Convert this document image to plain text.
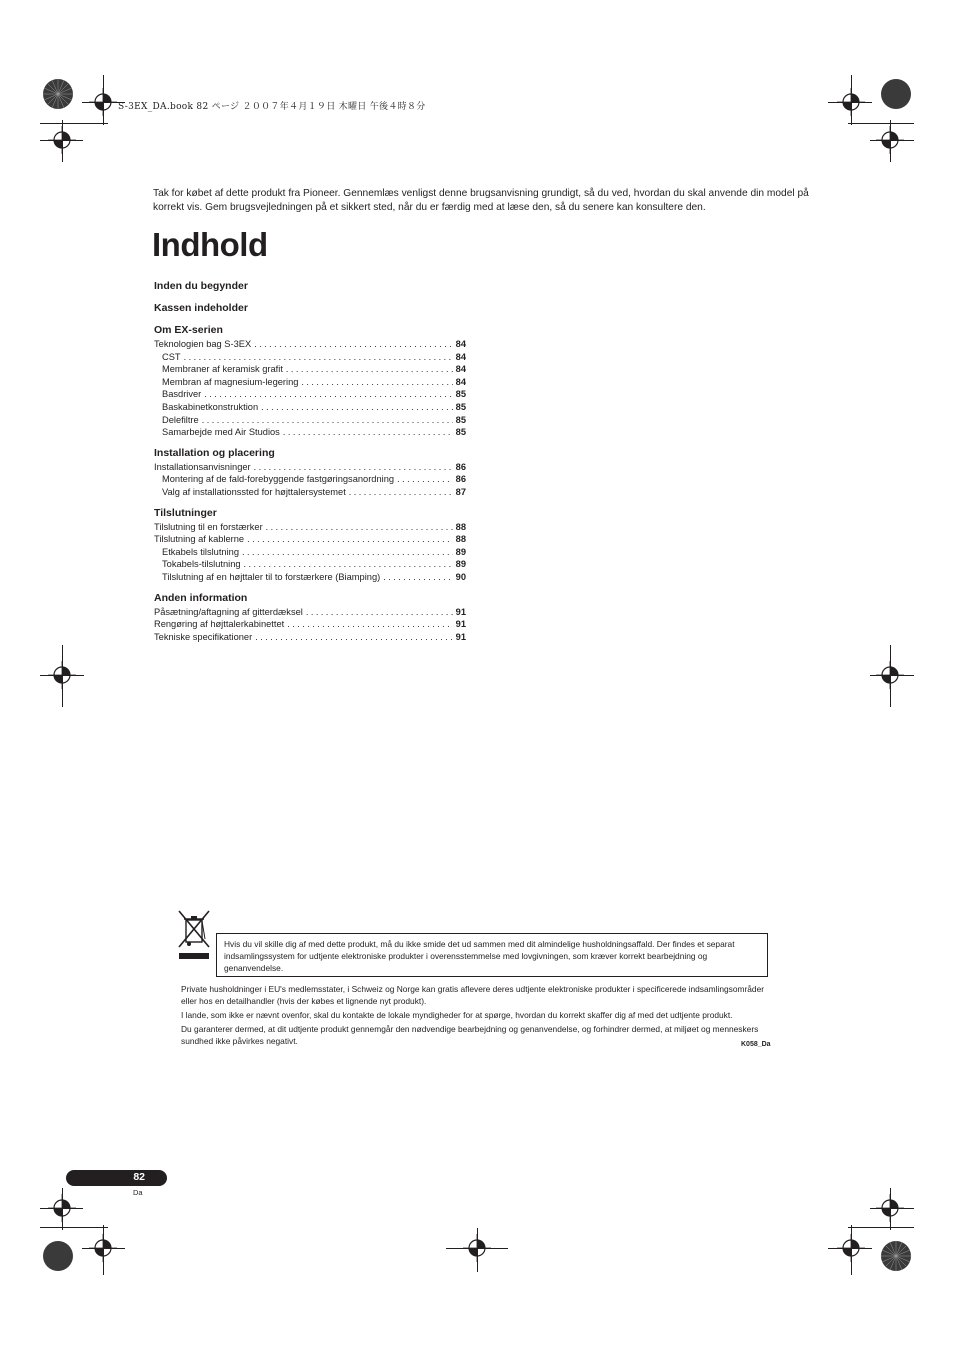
S-3EX_DA.book 82 ページ ２００７年４月１９日 木曜日 午後４時８分

Tak for købet af dette produkt fra Pioneer. Gennemlæs venligst denne brugsanvisning grundigt, så du ved, hvordan du skal anvende din model på korrekt vis. Gem brugsvejledningen på et sikkert sted, når du er færdig med at læse den, så du senere kan konsultere den.

Indhold
Inden du begynder
Kassen indeholder
Om EX-serien
Teknologien bag S-3EX . . .	84
CST . . .	84
Membraner af keramisk grafit . . .	84
Membran af magnesium-legering . . .	84
Basdriver . . .	85
Baskabinetkonstruktion . . .	85
Delefiltre . . .	85
Samarbejde med Air Studios . . .	85
Installation og placering
Installationsanvisninger . . .	86
Montering af de fald-forebyggende fastgøringsanordning . . .	86
Valg af installationssted for højttalersystemet . . .	87
Tilslutninger
Tilslutning til en forstærker . . .	88
Tilslutning af kablerne . . .	88
Etkabels tilslutning . . .	89
Tokabels-tilslutning . . .	89
Tilslutning af en højttaler til to forstærkere (Biamping) . . .	90
Anden information
Påsætning/aftagning af gitterdæksel . . .	91
Rengøring af højttalerkabinettet . . .	91
Tekniske specifikationer . . .	91
Hvis du vil skille dig af med dette produkt, må du ikke smide det ud sammen med dit almindelige husholdningsaffald. Der findes et separat indsamlingssystem for udtjente elektroniske produkter i overensstemmelse med lovgivningen, som kræver korrekt bearbejdning og genanvendelse.
Private husholdninger i EU's medlemsstater, i Schweiz og Norge kan gratis aflevere deres udtjente elektroniske produkter i specificerede indsamlingsområder eller hos en detailhandler (hvis der købes et lignende nyt produkt).
I lande, som ikke er nævnt ovenfor, skal du kontakte de lokale myndigheder for at spørge, hvordan du korrekt skaffer dig af med det udtjente produkt.
Du garanterer dermed, at dit udtjente produkt gennemgår den nødvendige bearbejdning og genanvendelse, og forhindrer dermed, at miljøet og menneskers sundhed ikke påvirkes negativt.	K058_Da
82
Da
